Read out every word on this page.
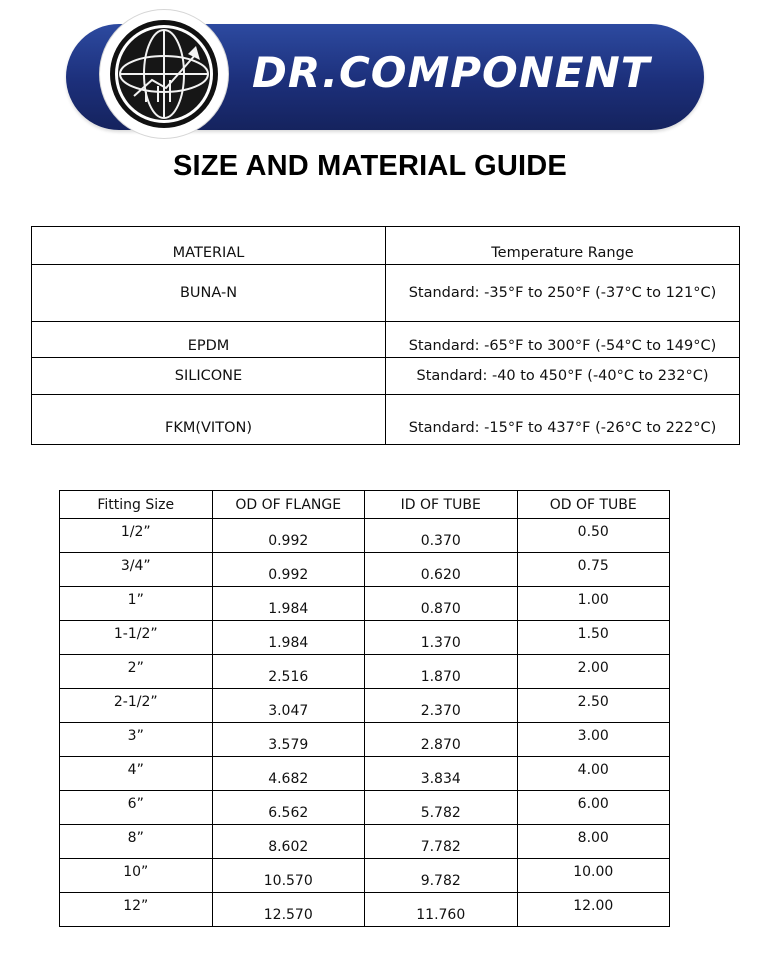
DR.COMPONENT
SIZE AND MATERIAL GUIDE
MATERIAL	Temperature Range
BUNA-N	Standard: -35°F to 250°F (-37°C to 121°C)
EPDM	Standard: -65°F to 300°F (-54°C to 149°C)
SILICONE	Standard: -40 to 450°F (-40°C to 232°C)
FKM(VITON)	Standard: -15°F to 437°F (-26°C to 222°C)
Fitting Size	OD OF FLANGE	ID OF TUBE	OD OF TUBE
1/2”	0.992	0.370	0.50
3/4”	0.992	0.620	0.75
1”	1.984	0.870	1.00
1-1/2”	1.984	1.370	1.50
2”	2.516	1.870	2.00
2-1/2”	3.047	2.370	2.50
3”	3.579	2.870	3.00
4”	4.682	3.834	4.00
6”	6.562	5.782	6.00
8”	8.602	7.782	8.00
10”	10.570	9.782	10.00
12”	12.570	11.760	12.00
